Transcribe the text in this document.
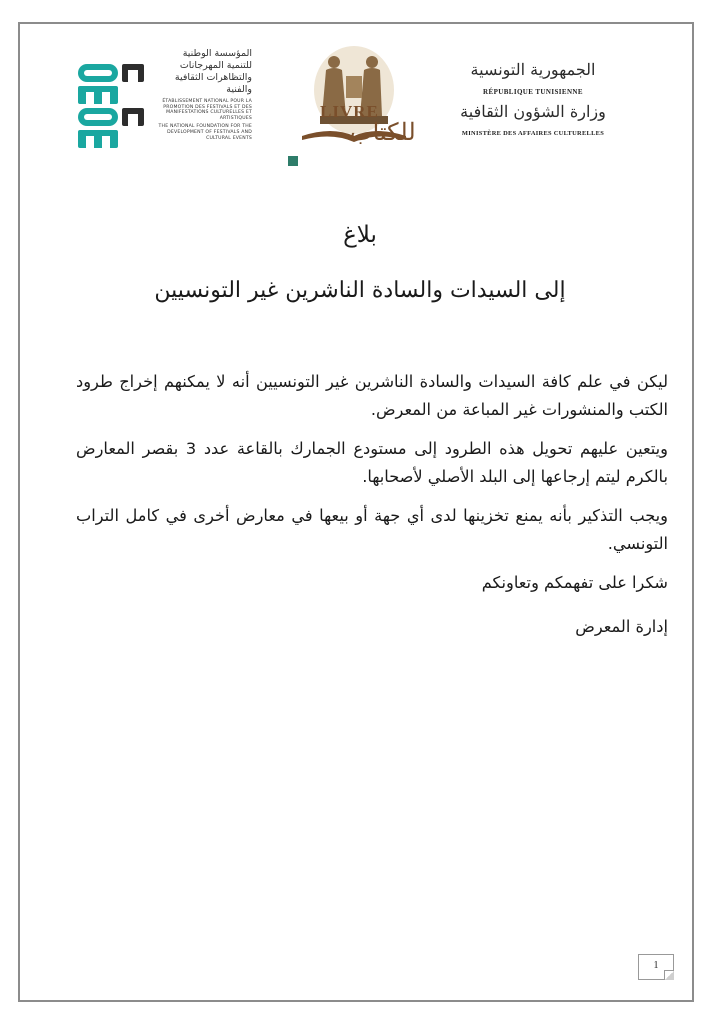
المؤسسة الوطنية للتنمية المهرجانات والتظاهرات الثقافية والفنية
ÉTABLISSEMENT NATIONAL POUR LA PROMOTION DES FESTIVALS ET DES MANIFESTATIONS CULTURELLES ET ARTISTIQUES
THE NATIONAL FOUNDATION FOR THE DEVELOPMENT OF FESTIVALS AND CULTURAL EVENTS
LIVRE
للكتاب
الجمهورية التونسية
RÉPUBLIQUE TUNISIENNE
وزارة الشؤون الثقافية
MINISTÈRE DES AFFAIRES CULTURELLES
بلاغ
إلى السيدات والسادة الناشرين غير التونسيين

ليكن في علم كافة السيدات والسادة الناشرين غير التونسيين أنه لا يمكنهم إخراج طرود الكتب والمنشورات غير المباعة من المعرض.

ويتعين عليهم تحويل هذه الطرود إلى مستودع الجمارك بالقاعة عدد 3 بقصر المعارض بالكرم ليتم إرجاعها إلى البلد الأصلي لأصحابها.

ويجب التذكير بأنه يمنع تخزينها لدى أي جهة أو بيعها في معارض أخرى في كامل التراب التونسي.

شكرا على تفهمكم وتعاونكم

إدارة المعرض

1
